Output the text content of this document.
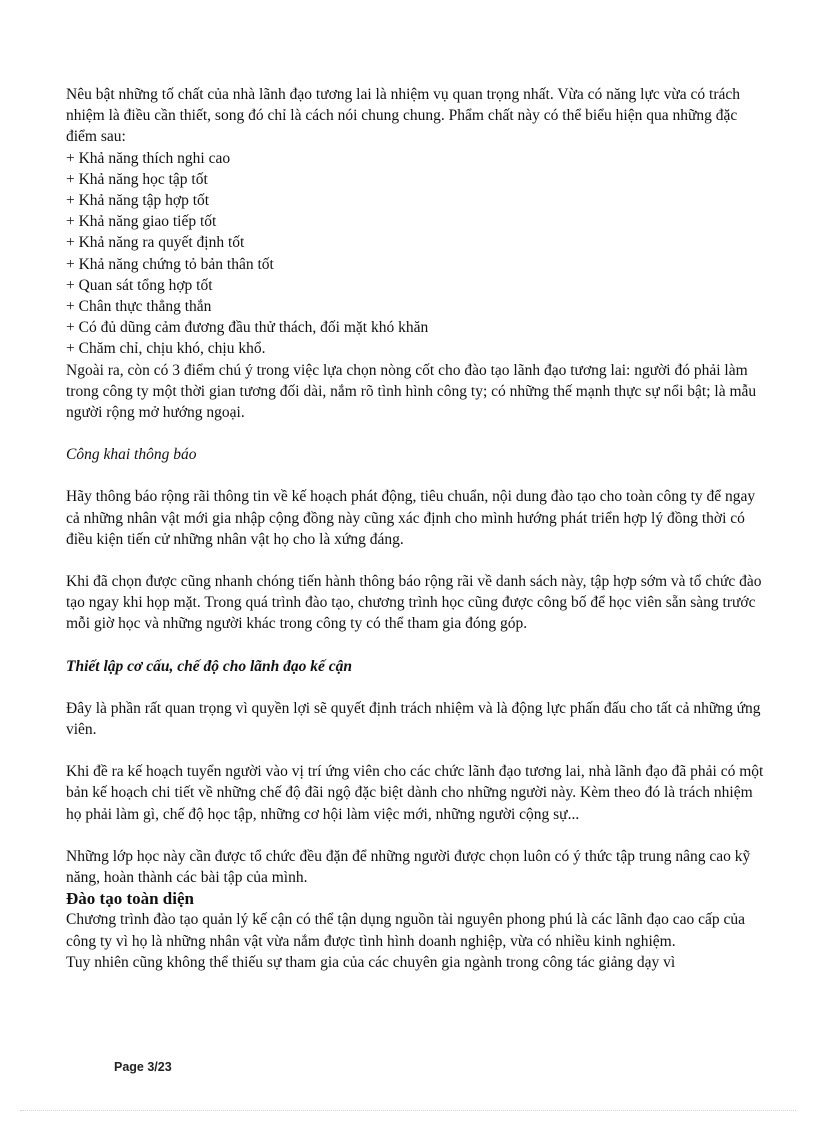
Nêu bật những tố chất của nhà lãnh đạo tương lai là nhiệm vụ quan trọng nhất. Vừa có năng lực vừa có trách nhiệm là điều cần thiết, song đó chỉ là cách nói chung chung. Phẩm chất này có thể biểu hiện qua những đặc điểm sau:

+ Khả năng thích nghi cao

+ Khả năng học tập tốt

+ Khả năng tập hợp tốt

+ Khả năng giao tiếp tốt

+ Khả năng ra quyết định tốt

+ Khả năng chứng tỏ bản thân tốt

+ Quan sát tổng hợp tốt

+ Chân thực thẳng thắn

+ Có đủ dũng cảm đương đầu thử thách, đối mặt khó khăn

+ Chăm chỉ, chịu khó, chịu khổ.

Ngoài ra, còn có 3 điểm chú ý trong việc lựa chọn nòng cốt cho đào tạo lãnh đạo tương lai: người đó phải làm trong công ty một thời gian tương đối dài, nắm rõ tình hình công ty; có những thế mạnh thực sự nổi bật; là mẫu người rộng mở hướng ngoại.

Công khai thông báo

Hãy thông báo rộng rãi thông tin về kế hoạch phát động, tiêu chuẩn, nội dung đào tạo cho toàn công ty để ngay cả những nhân vật mới gia nhập cộng đồng này cũng xác định cho mình hướng phát triển hợp lý đồng thời có điều kiện tiến cử những nhân vật họ cho là xứng đáng.

Khi đã chọn được cũng nhanh chóng tiến hành thông báo rộng rãi về danh sách này, tập hợp sớm và tổ chức đào tạo ngay khi họp mặt. Trong quá trình đào tạo, chương trình học cũng được công bố để học viên sẵn sàng trước mỗi giờ học và những người khác trong công ty có thể tham gia đóng góp.

Thiết lập cơ cấu, chế độ cho lãnh đạo kế cận

Đây là phần rất quan trọng vì quyền lợi sẽ quyết định trách nhiệm và là động lực phấn đấu cho tất cả những ứng viên.

Khi đề ra kế hoạch tuyển người vào vị trí ứng viên cho các chức lãnh đạo tương lai, nhà lãnh đạo đã phải có một bản kế hoạch chi tiết về những chế độ đãi ngộ đặc biệt dành cho những người này. Kèm theo đó là trách nhiệm họ phải làm gì, chế độ học tập, những cơ hội làm việc mới, những người cộng sự...

Những lớp học này cần được tổ chức đều đặn để những người được chọn luôn có ý thức tập trung nâng cao kỹ năng, hoàn thành các bài tập của mình.

Đào tạo toàn diện

Chương trình đào tạo quản lý kế cận có thể tận dụng nguồn tài nguyên phong phú là các lãnh đạo cao cấp của công ty vì họ là những nhân vật vừa nắm được tình hình doanh nghiệp, vừa có nhiều kinh nghiệm.

Tuy nhiên cũng không thể thiếu sự tham gia của các chuyên gia ngành trong công tác giảng dạy vì

Page 3/23
